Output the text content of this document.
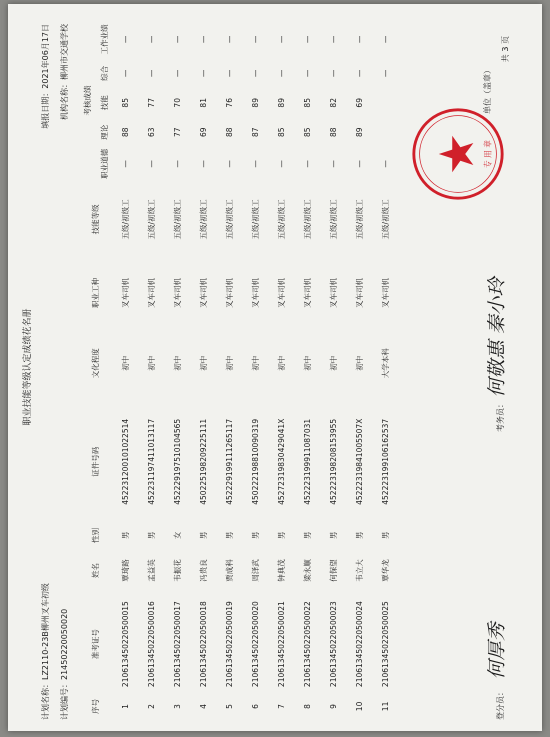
职业技能等级认定成绩花名册
计划名称：LZ2110-23B柳州叉车初级
计划编号：21450220050020
填报日期：2021年06月17日
机构名称：柳州市交通学校
序号	准考证号	姓名	性别	证件号码	文化程度	职业工种	技能等级	考核成绩				
								职业道德	理论	技能	综合	工作业绩
1	210613450220500015	覃琦路	男	452231200101022514	初中	叉车司机	五级/初级工	—	88	85	—	—
2	210613450220500016	孟益英	男	452231197411013117	初中	叉车司机	五级/初级工	—	63	77	—	—
3	210613450220500017	韦振花	女	452229197510104565	初中	叉车司机	五级/初级工	—	77	70	—	—
4	210613450220500018	冯贵良	男	450225198209225111	初中	叉车司机	五级/初级工	—	69	81	—	—
5	210613450220500019	贾成科	男	452229199111265117	初中	叉车司机	五级/初级工	—	88	76	—	—
6	210613450220500020	周泽武	男	450222198810090319	初中	叉车司机	五级/初级工	—	87	89	—	—
7	210613450220500021	钟典茂	男	45272319830429041X	初中	叉车司机	五级/初级工	—	85	89	—	—
8	210613450220500022	梁永顺	男	452223199911087031	初中	叉车司机	五级/初级工	—	85	85	—	—
9	210613450220500023	何保望	男	452223198208153955	初中	叉车司机	五级/初级工	—	88	82	—	—
10	210613450220500024	韦立大	男	45222319841005507X	初中	叉车司机	五级/初级工	—	89	69	—	—
11	210613450220500025	覃华龙	男	452223199106162537	大学本科	叉车司机	五级/初级工	—			—	—
登分员： 何厚秀
考务员： 何敬惠 秦小玲
单位（盖章）
共 3 页
专 用 章
